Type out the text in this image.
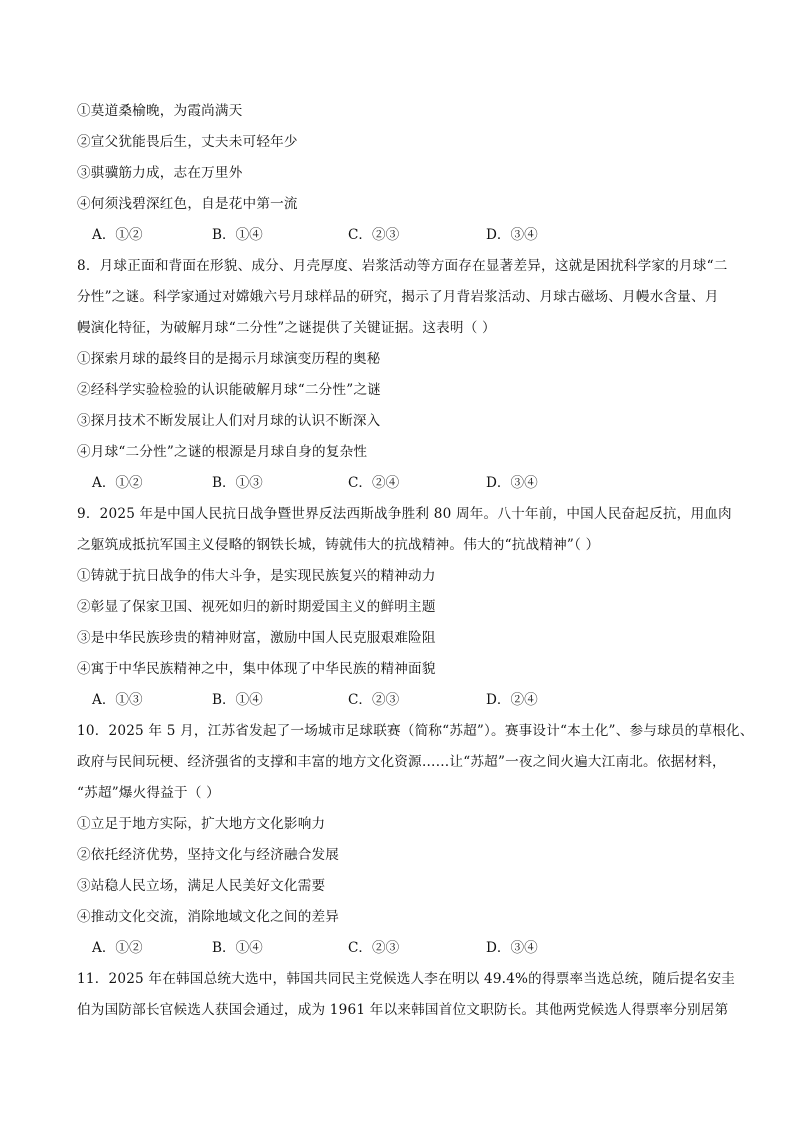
①莫道桑榆晚，为霞尚满天
②宣父犹能畏后生，丈夫未可轻年少
③骐骥筋力成，志在万里外
④何须浅碧深红色，自是花中第一流
A．①②	B．①④	C．②③	D．③④
8．月球正面和背面在形貌、成分、月壳厚度、岩浆活动等方面存在显著差异，这就是困扰科学家的月球“二
分性”之谜。科学家通过对嫦娥六号月球样品的研究，揭示了月背岩浆活动、月球古磁场、月幔水含量、月
幔演化特征，为破解月球“二分性”之谜提供了关键证据。这表明（ ）
①探索月球的最终目的是揭示月球演变历程的奥秘
②经科学实验检验的认识能破解月球“二分性”之谜
③探月技术不断发展让人们对月球的认识不断深入
④月球“二分性”之谜的根源是月球自身的复杂性
A．①②	B．①③	C．②④	D．③④
9．2025 年是中国人民抗日战争暨世界反法西斯战争胜利 80 周年。八十年前，中国人民奋起反抗，用血肉
之躯筑成抵抗军国主义侵略的钢铁长城，铸就伟大的抗战精神。伟大的“抗战精神”（ ）
①铸就于抗日战争的伟大斗争，是实现民族复兴的精神动力
②彰显了保家卫国、视死如归的新时期爱国主义的鲜明主题
③是中华民族珍贵的精神财富，激励中国人民克服艰难险阻
④寓于中华民族精神之中，集中体现了中华民族的精神面貌
A．①③	B．①④	C．②③	D．②④
10．2025 年 5 月，江苏省发起了一场城市足球联赛（简称“苏超”）。赛事设计“本土化”、参与球员的草根化、
政府与民间玩梗、经济强省的支撑和丰富的地方文化资源……让“苏超”一夜之间火遍大江南北。依据材料，
“苏超”爆火得益于（ ）
①立足于地方实际，扩大地方文化影响力
②依托经济优势，坚持文化与经济融合发展
③站稳人民立场，满足人民美好文化需要
④推动文化交流，消除地域文化之间的差异
A．①②	B．①④	C．②③	D．③④
11．2025 年在韩国总统大选中，韩国共同民主党候选人李在明以 49.4%的得票率当选总统，随后提名安圭
伯为国防部长官候选人获国会通过，成为 1961 年以来韩国首位文职防长。其他两党候选人得票率分别居第
